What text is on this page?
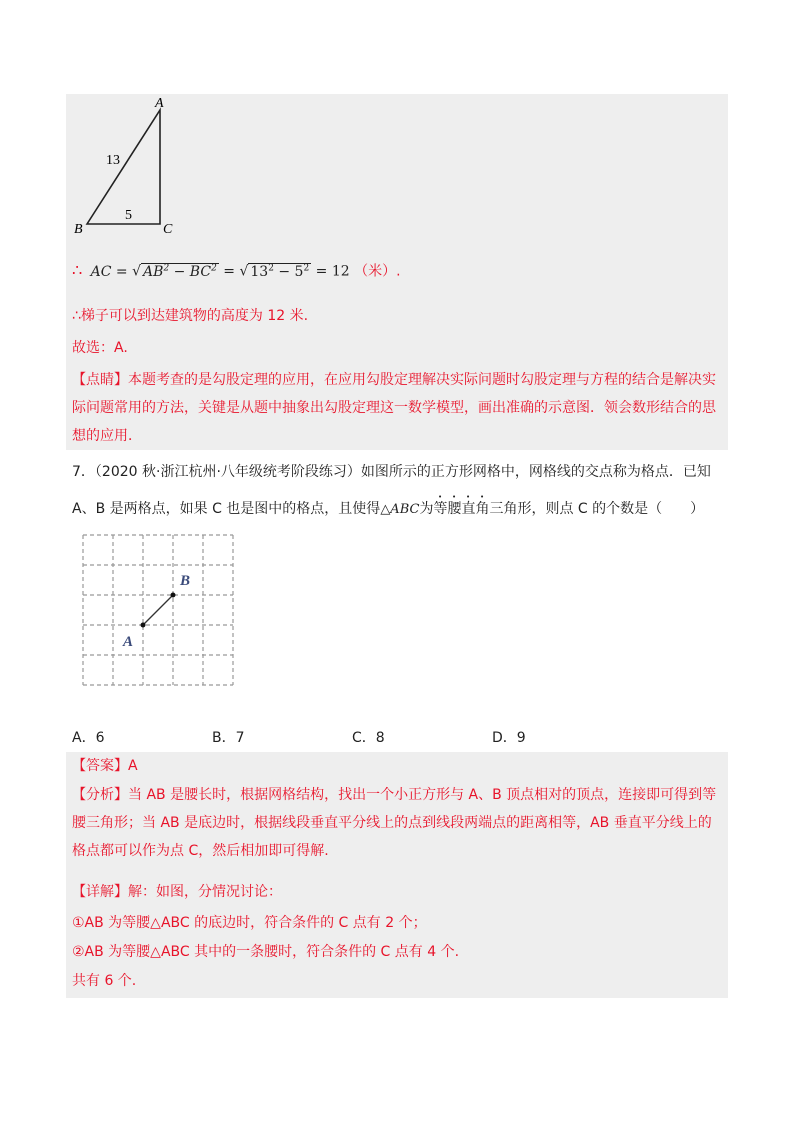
A
B	C
13
5
∴ AC = √ $AB^2 - BC^2$ = √ $13^2 - 5^2 = 12$ （米）.
∴梯子可以到达建筑物的高度为 12 米.
故选：A.
【点睛】本题考查的是勾股定理的应用，在应用勾股定理解决实际问题时勾股定理与方程的结合是解决实际问题常用的方法，关键是从题中抽象出勾股定理这一数学模型，画出准确的示意图．领会数形结合的思想的应用．
7．（2020 秋·浙江杭州·八年级统考阶段练习）如图所示的正方形网格中，网格线的交点称为格点．已知
A、B 是两格点，如果 C 也是图中的格点，且使得△ABC为等腰直角三角形，则点 C 的个数是（　　）
A
B
A．6	B．7	C．8	D．9
【答案】A
【分析】当 AB 是腰长时，根据网格结构，找出一个小正方形与 A、B 顶点相对的顶点，连接即可得到等腰三角形；当 AB 是底边时，根据线段垂直平分线上的点到线段两端点的距离相等，AB 垂直平分线上的格点都可以作为点 C，然后相加即可得解.
【详解】解：如图，分情况讨论：
①AB 为等腰△ABC 的底边时，符合条件的 C 点有 2 个；
②AB 为等腰△ABC 其中的一条腰时，符合条件的 C 点有 4 个.
共有 6 个.
